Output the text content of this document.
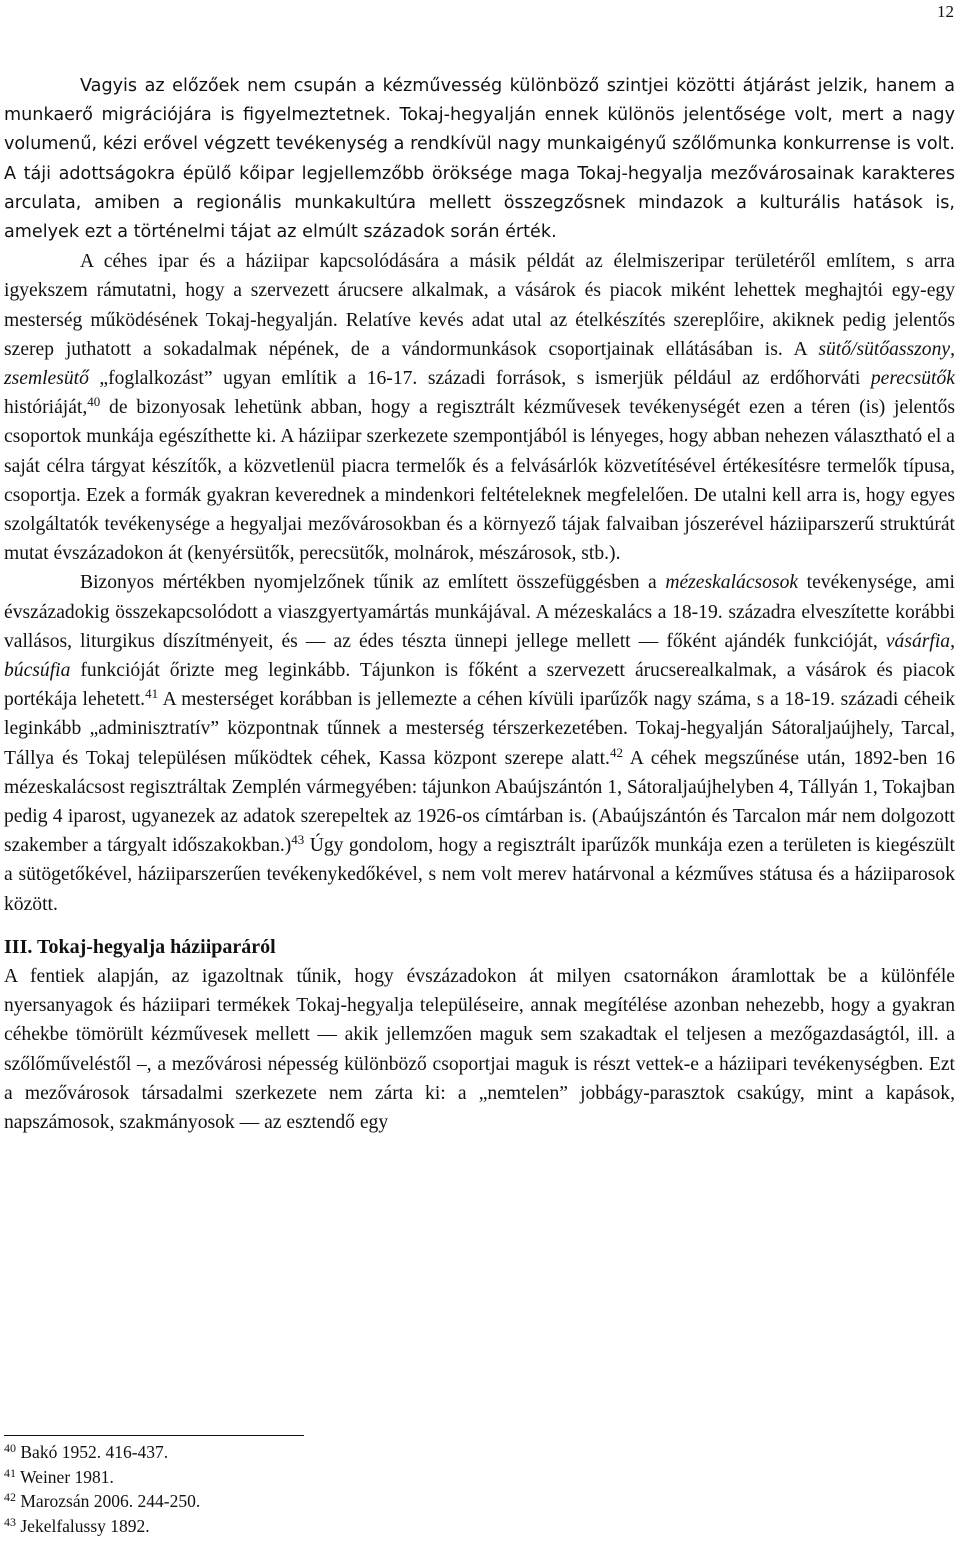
12

Vagyis az előzőek nem csupán a kézművesség különböző szintjei közötti átjárást jelzik, hanem a munkaerő migrációjára is figyelmeztetnek. Tokaj-hegyalján ennek különös jelentősége volt, mert a nagy volumenű, kézi erővel végzett tevékenység a rendkívül nagy munkaigényű szőlőmunka konkurrense is volt. A táji adottságokra épülő kőipar legjellemzőbb öröksége maga Tokaj-hegyalja mezővárosainak karakteres arculata, amiben a regionális munkakultúra mellett összegzősnek mindazok a kulturális hatások is, amelyek ezt a történelmi tájat az elmúlt századok során érték.

A céhes ipar és a háziipar kapcsolódására a másik példát az élelmiszeripar területéről említem, s arra igyekszem rámutatni, hogy a szervezett árucsere alkalmak, a vásárok és piacok miként lehettek meghajtói egy-egy mesterség működésének Tokaj-hegyalján. Relatíve kevés adat utal az ételkészítés szereplőire, akiknek pedig jelentős szerep juthatott a sokadalmak népének, de a vándormunkások csoportjainak ellátásában is. A sütő/sütőasszony, zsemlesütő „foglalkozást” ugyan említik a 16-17. századi források, s ismerjük például az erdőhorváti perecsütők históriáját,$^{40}$ de bizonyosak lehetünk abban, hogy a regisztrált kézművesek tevékenységét ezen a téren (is) jelentős csoportok munkája egészíthette ki. A háziipar szerkezete szempontjából is lényeges, hogy abban nehezen választható el a saját célra tárgyat készítők, a közvetlenül piacra termelők és a felvásárlók közvetítésével értékesítésre termelők típusa, csoportja. Ezek a formák gyakran keverednek a mindenkori feltételeknek megfelelően. De utalni kell arra is, hogy egyes szolgáltatók tevékenysége a hegyaljai mezővárosokban és a környező tájak falvaiban jószerével háziiparszerű struktúrát mutat évszázadokon át (kenyérsütők, perecsütők, molnárok, mészárosok, stb.).

Bizonyos mértékben nyomjelzőnek tűnik az említett összefüggésben a mézeskalácsosok tevékenysége, ami évszázadokig összekapcsolódott a viaszgyertyamártás munkájával. A mézeskalács a 18-19. századra elveszítette korábbi vallásos, liturgikus díszítményeit, és — az édes tészta ünnepi jellege mellett — főként ajándék funkcióját, vásárfia, búcsúfia funkcióját őrizte meg leginkább. Tájunkon is főként a szervezett árucserealkalmak, a vásárok és piacok portékája lehetett.$^{41}$ A mesterséget korábban is jellemezte a céhen kívüli iparűzők nagy száma, s a 18-19. századi céheik leginkább „adminisztratív” központnak tűnnek a mesterség térszerkezetében. Tokaj-hegyalján Sátoraljaújhely, Tarcal, Tállya és Tokaj településen működtek céhek, Kassa központ szerepe alatt.$^{42}$ A céhek megszűnése után, 1892-ben 16 mézeskalácsost regisztráltak Zemplén vármegyében: tájunkon Abaújszántón 1, Sátoraljaújhelyben 4, Tállyán 1, Tokajban pedig 4 iparost, ugyanezek az adatok szerepeltek az 1926-os címtárban is. (Abaújszántón és Tarcalon már nem dolgozott szakember a tárgyalt időszakokban.)$^{43}$ Úgy gondolom, hogy a regisztrált iparűzők munkája ezen a területen is kiegészült a sütögetőkével, háziiparszerűen tevékenykedőkével, s nem volt merev határvonal a kézműves státusa és a háziiparosok között.

III. Tokaj-hegyalja háziiparáról

A fentiek alapján, az igazoltnak tűnik, hogy évszázadokon át milyen csatornákon áramlottak be a különféle nyersanyagok és háziipari termékek Tokaj-hegyalja településeire, annak megítélése azonban nehezebb, hogy a gyakran céhekbe tömörült kézművesek mellett — akik jellemzően maguk sem szakadtak el teljesen a mezőgazdaságtól, ill. a szőlőműveléstől –, a mezővárosi népesség különböző csoportjai maguk is részt vettek-e a háziipari tevékenységben. Ezt a mezővárosok társadalmi szerkezete nem zárta ki: a „nemtelen” jobbágy-parasztok csakúgy, mint a kapások, napszámosok, szakmányosok — az esztendő egy

$^{40}$ Bakó 1952. 416-437.

$^{41}$ Weiner 1981.

$^{42}$ Marozsán 2006. 244-250.

$^{43}$ Jekelfalussy 1892.
